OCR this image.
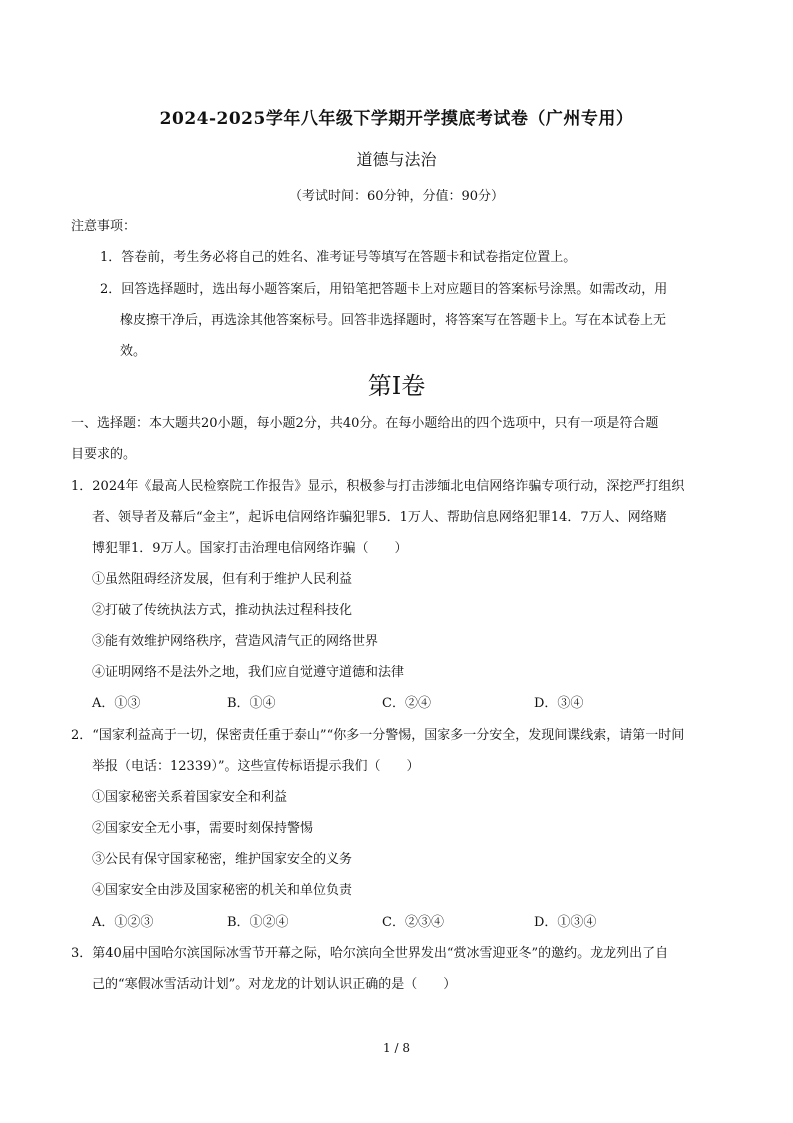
2024-2025学年八年级下学期开学摸底考试卷（广州专用）
道德与法治
（考试时间：60分钟，分值：90分）
注意事项：
1．答卷前，考生务必将自己的姓名、准考证号等填写在答题卡和试卷指定位置上。
2．回答选择题时，选出每小题答案后，用铅笔把答题卡上对应题目的答案标号涂黑。如需改动，用
橡皮擦干净后，再选涂其他答案标号。回答非选择题时，将答案写在答题卡上。写在本试卷上无
效。
第Ⅰ卷
一、选择题：本大题共20小题，每小题2分，共40分。在每小题给出的四个选项中，只有一项是符合题
目要求的。
1．2024年《最高人民检察院工作报告》显示，积极参与打击涉缅北电信网络诈骗专项行动，深挖严打组织
者、领导者及幕后“金主”，起诉电信网络诈骗犯罪5．1万人、帮助信息网络犯罪14．7万人、网络赌
博犯罪1．9万人。国家打击治理电信网络诈骗（　　）
①虽然阻碍经济发展，但有利于维护人民利益
②打破了传统执法方式，推动执法过程科技化
③能有效维护网络秩序，营造风清气正的网络世界
④证明网络不是法外之地，我们应自觉遵守道德和法律
A．①③	B．①④	C．②④	D．③④
2．“国家利益高于一切，保密责任重于泰山”“你多一分警惕，国家多一分安全，发现间谍线索，请第一时间
举报（电话：12339）”。这些宣传标语提示我们（　　）
①国家秘密关系着国家安全和利益
②国家安全无小事，需要时刻保持警惕
③公民有保守国家秘密，维护国家安全的义务
④国家安全由涉及国家秘密的机关和单位负责
A．①②③	B．①②④	C．②③④	D．①③④
3．第40届中国哈尔滨国际冰雪节开幕之际，哈尔滨向全世界发出“赏冰雪迎亚冬”的邀约。龙龙列出了自
己的“寒假冰雪活动计划”。对龙龙的计划认识正确的是（　　）
1 / 8
